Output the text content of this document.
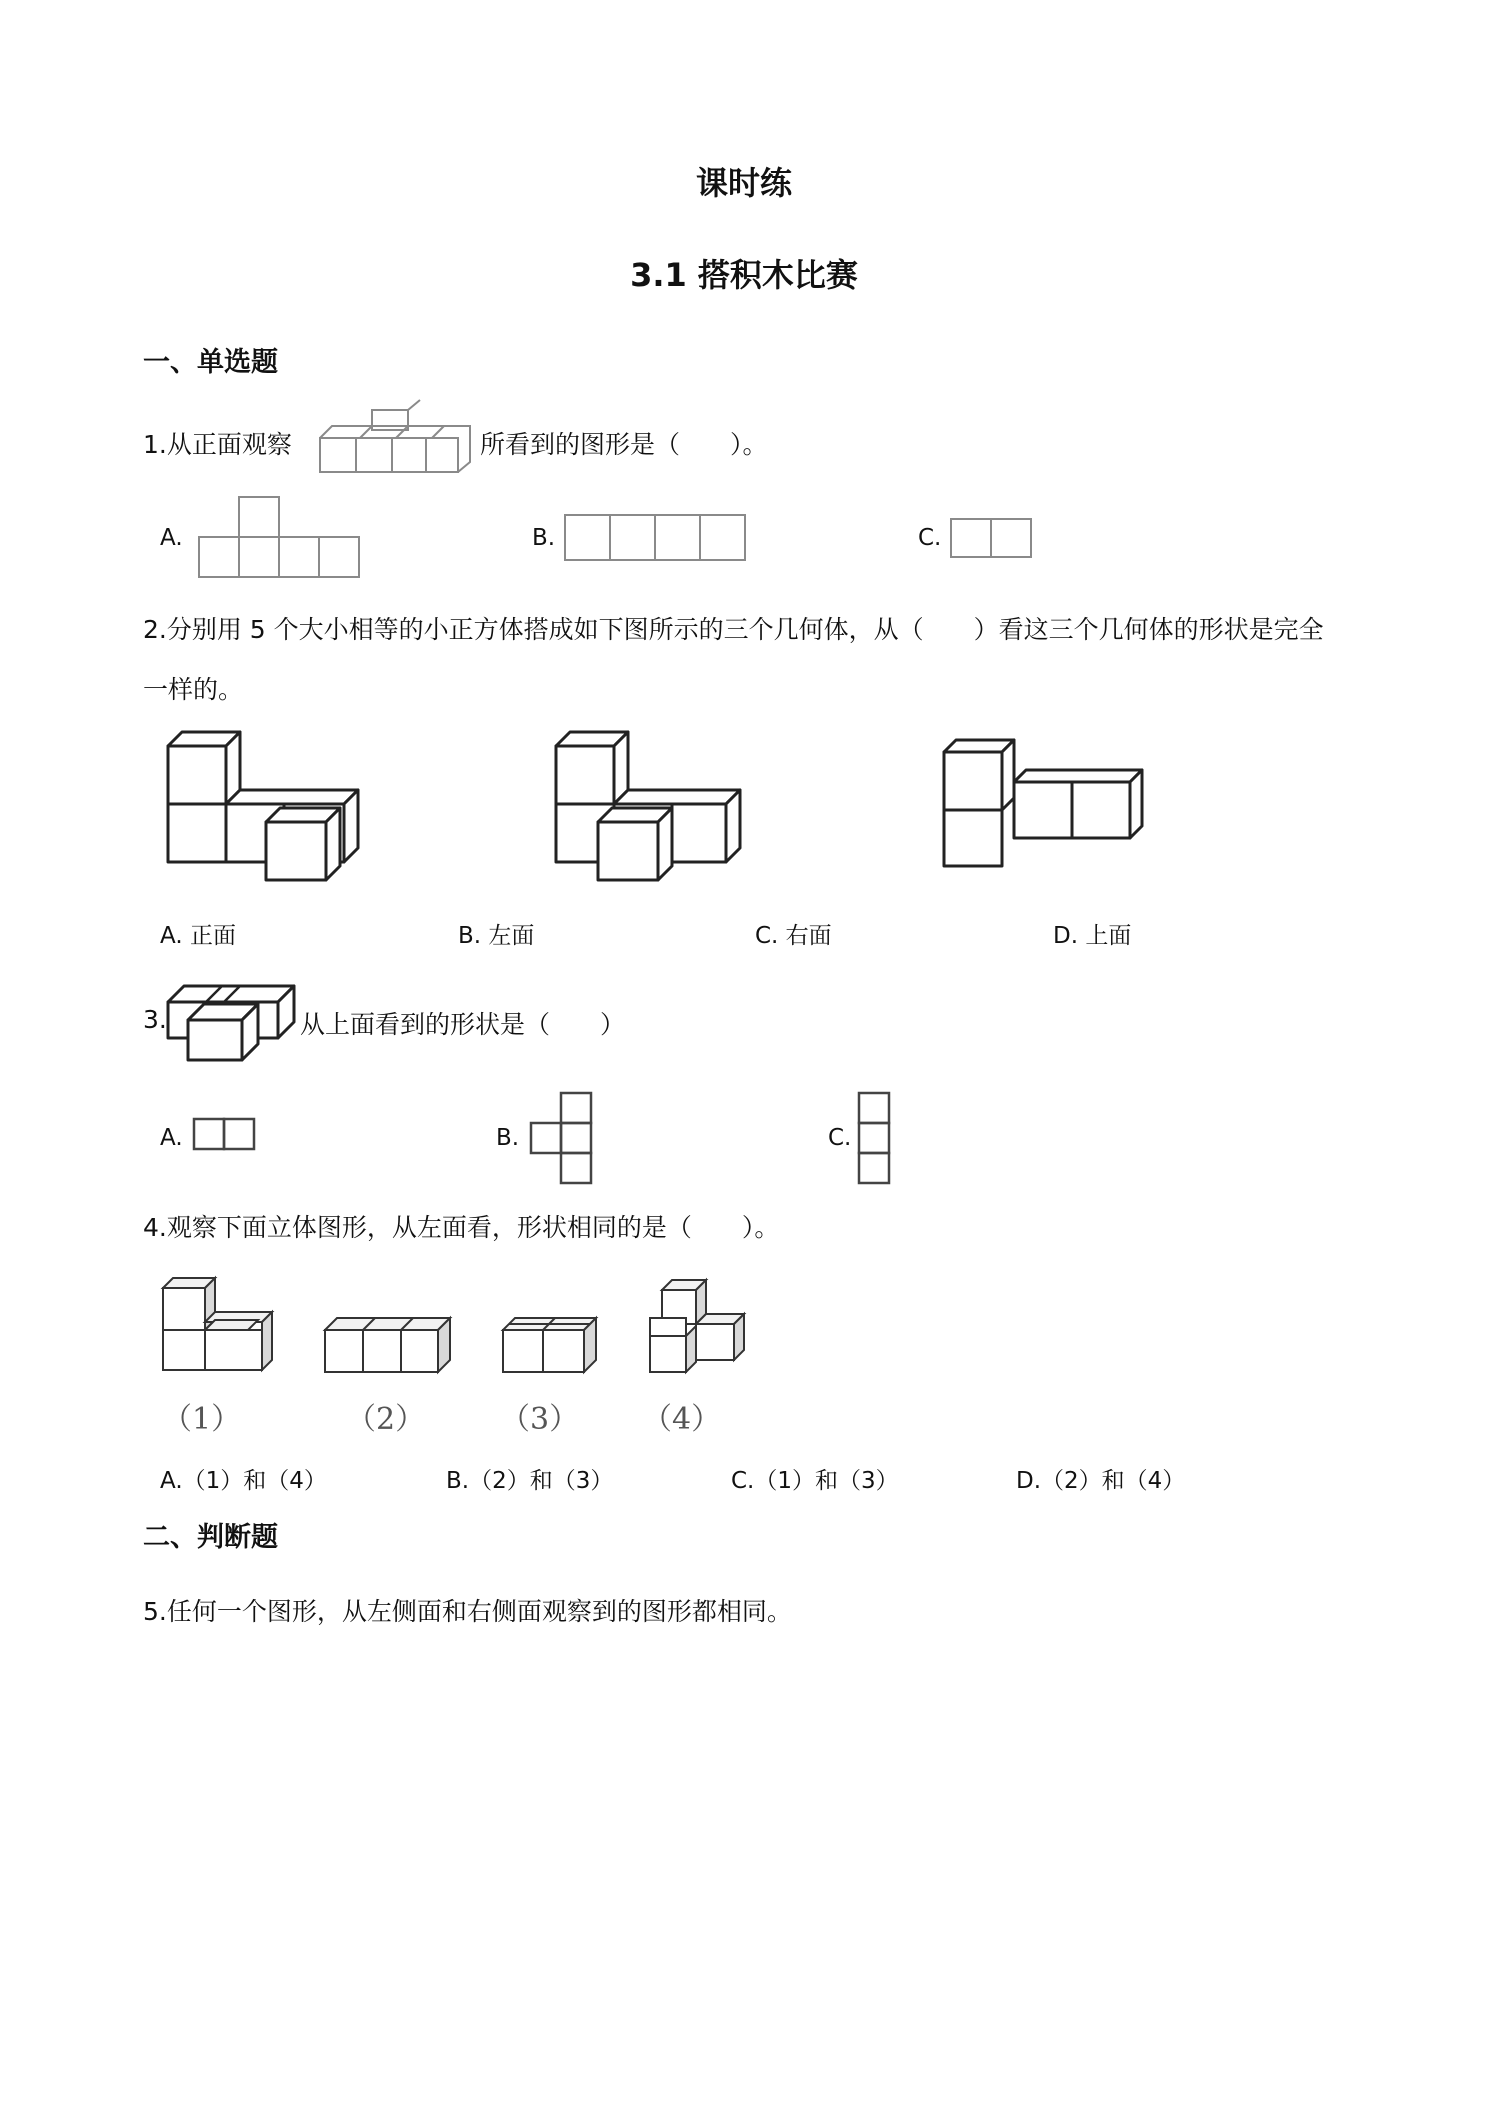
课时练
3.1 搭积木比赛
一、单选题
1.从正面观察	所看到的图形是（　　）。
A.	B.	C.
2.分别用 5 个大小相等的小正方体搭成如下图所示的三个几何体，从（　　）看这三个几何体的形状是完全
一样的。
A. 正面	B. 左面	C. 右面	D. 上面
3.	从上面看到的形状是（　　）
A.	B.	C.
4.观察下面立体图形，从左面看，形状相同的是（　　）。
（1）	（2） （3） （4）
A.（1）和（4）	B.（2）和（3）	C.（1）和（3）	D.（2）和（4）
二、判断题
5.任何一个图形，从左侧面和右侧面观察到的图形都相同。
